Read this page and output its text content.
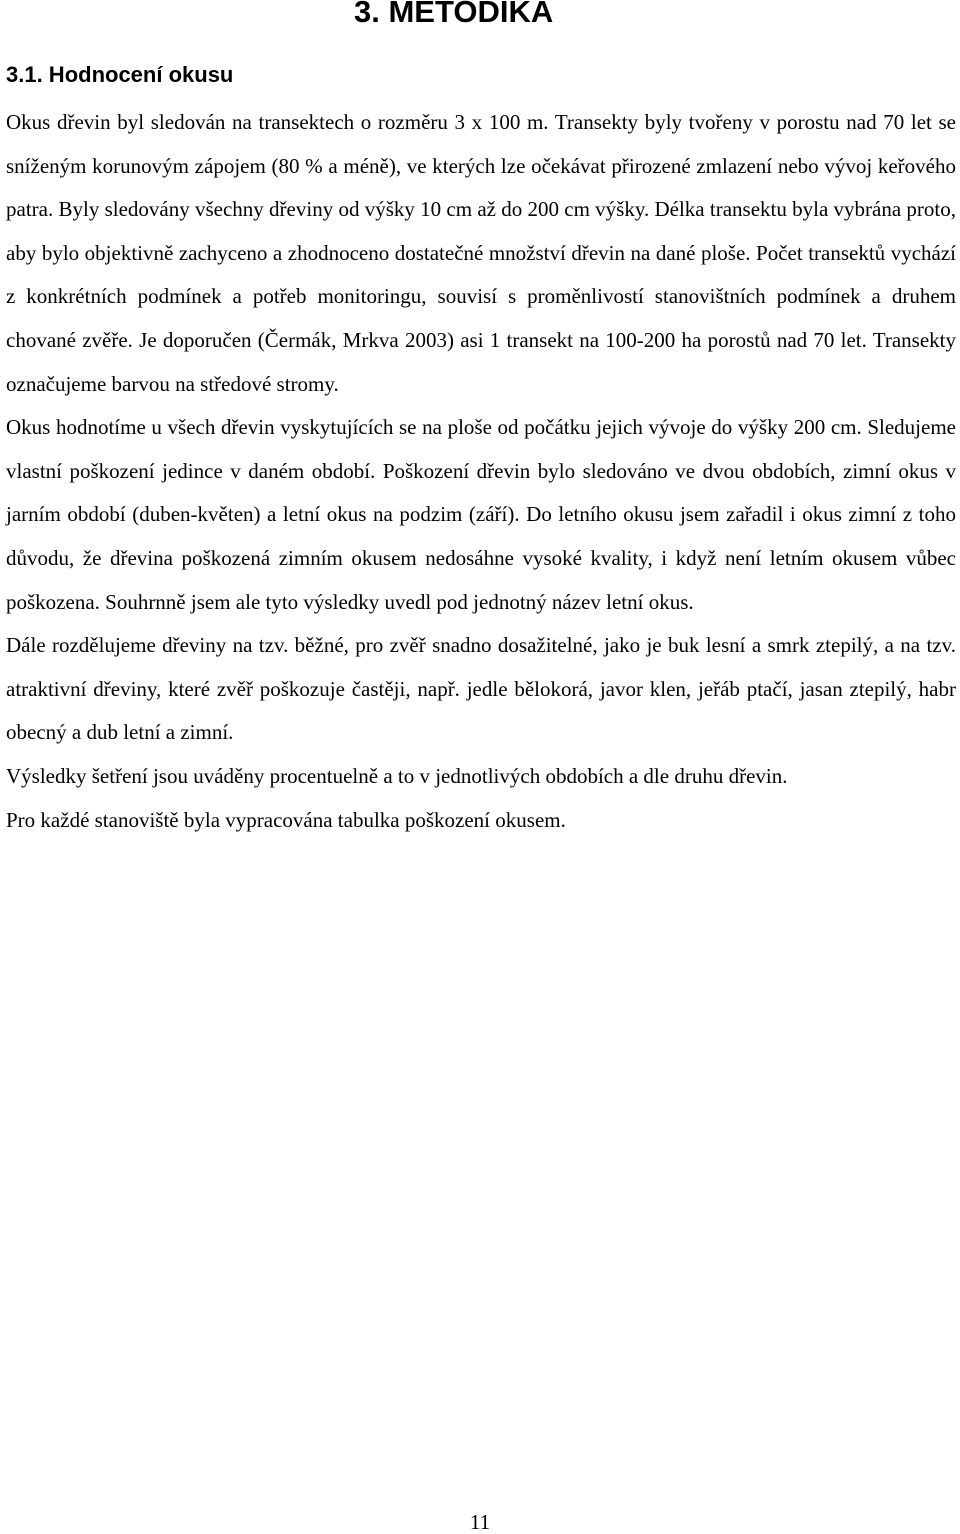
3. METODIKA
3.1. Hodnocení okusu

Okus dřevin byl sledován na transektech o rozměru 3 x 100 m. Transekty byly tvořeny v porostu nad 70 let se sníženým korunovým zápojem (80 % a méně), ve kterých lze očekávat přirozené zmlazení nebo vývoj keřového patra. Byly sledovány všechny dřeviny od výšky 10 cm až do 200 cm výšky. Délka transektu byla vybrána proto, aby bylo objektivně zachyceno a zhodnoceno dostatečné množství dřevin na dané ploše. Počet transektů vychází z konkrétních podmínek a potřeb monitoringu, souvisí s proměnlivostí stanovištních podmínek a druhem chované zvěře. Je doporučen (Čermák, Mrkva 2003) asi 1 transekt na 100-200 ha porostů nad 70 let. Transekty označujeme barvou na středové stromy.

Okus hodnotíme u všech dřevin vyskytujících se na ploše od počátku jejich vývoje do výšky 200 cm. Sledujeme vlastní poškození jedince v daném období. Poškození dřevin bylo sledováno ve dvou obdobích, zimní okus v jarním období (duben-květen) a letní okus na podzim (září). Do letního okusu jsem zařadil i okus zimní z toho důvodu, že dřevina poškozená zimním okusem nedosáhne vysoké kvality, i když není letním okusem vůbec poškozena. Souhrnně jsem ale tyto výsledky uvedl pod jednotný název letní okus.

Dále rozdělujeme dřeviny na tzv. běžné, pro zvěř snadno dosažitelné, jako je buk lesní a smrk ztepilý, a na tzv. atraktivní dřeviny, které zvěř poškozuje častěji, např. jedle bělokorá, javor klen, jeřáb ptačí, jasan ztepilý, habr obecný a dub letní a zimní.

Výsledky šetření jsou uváděny procentuelně a to v jednotlivých obdobích a dle druhu dřevin.

Pro každé stanoviště byla vypracována tabulka poškození okusem.

11
